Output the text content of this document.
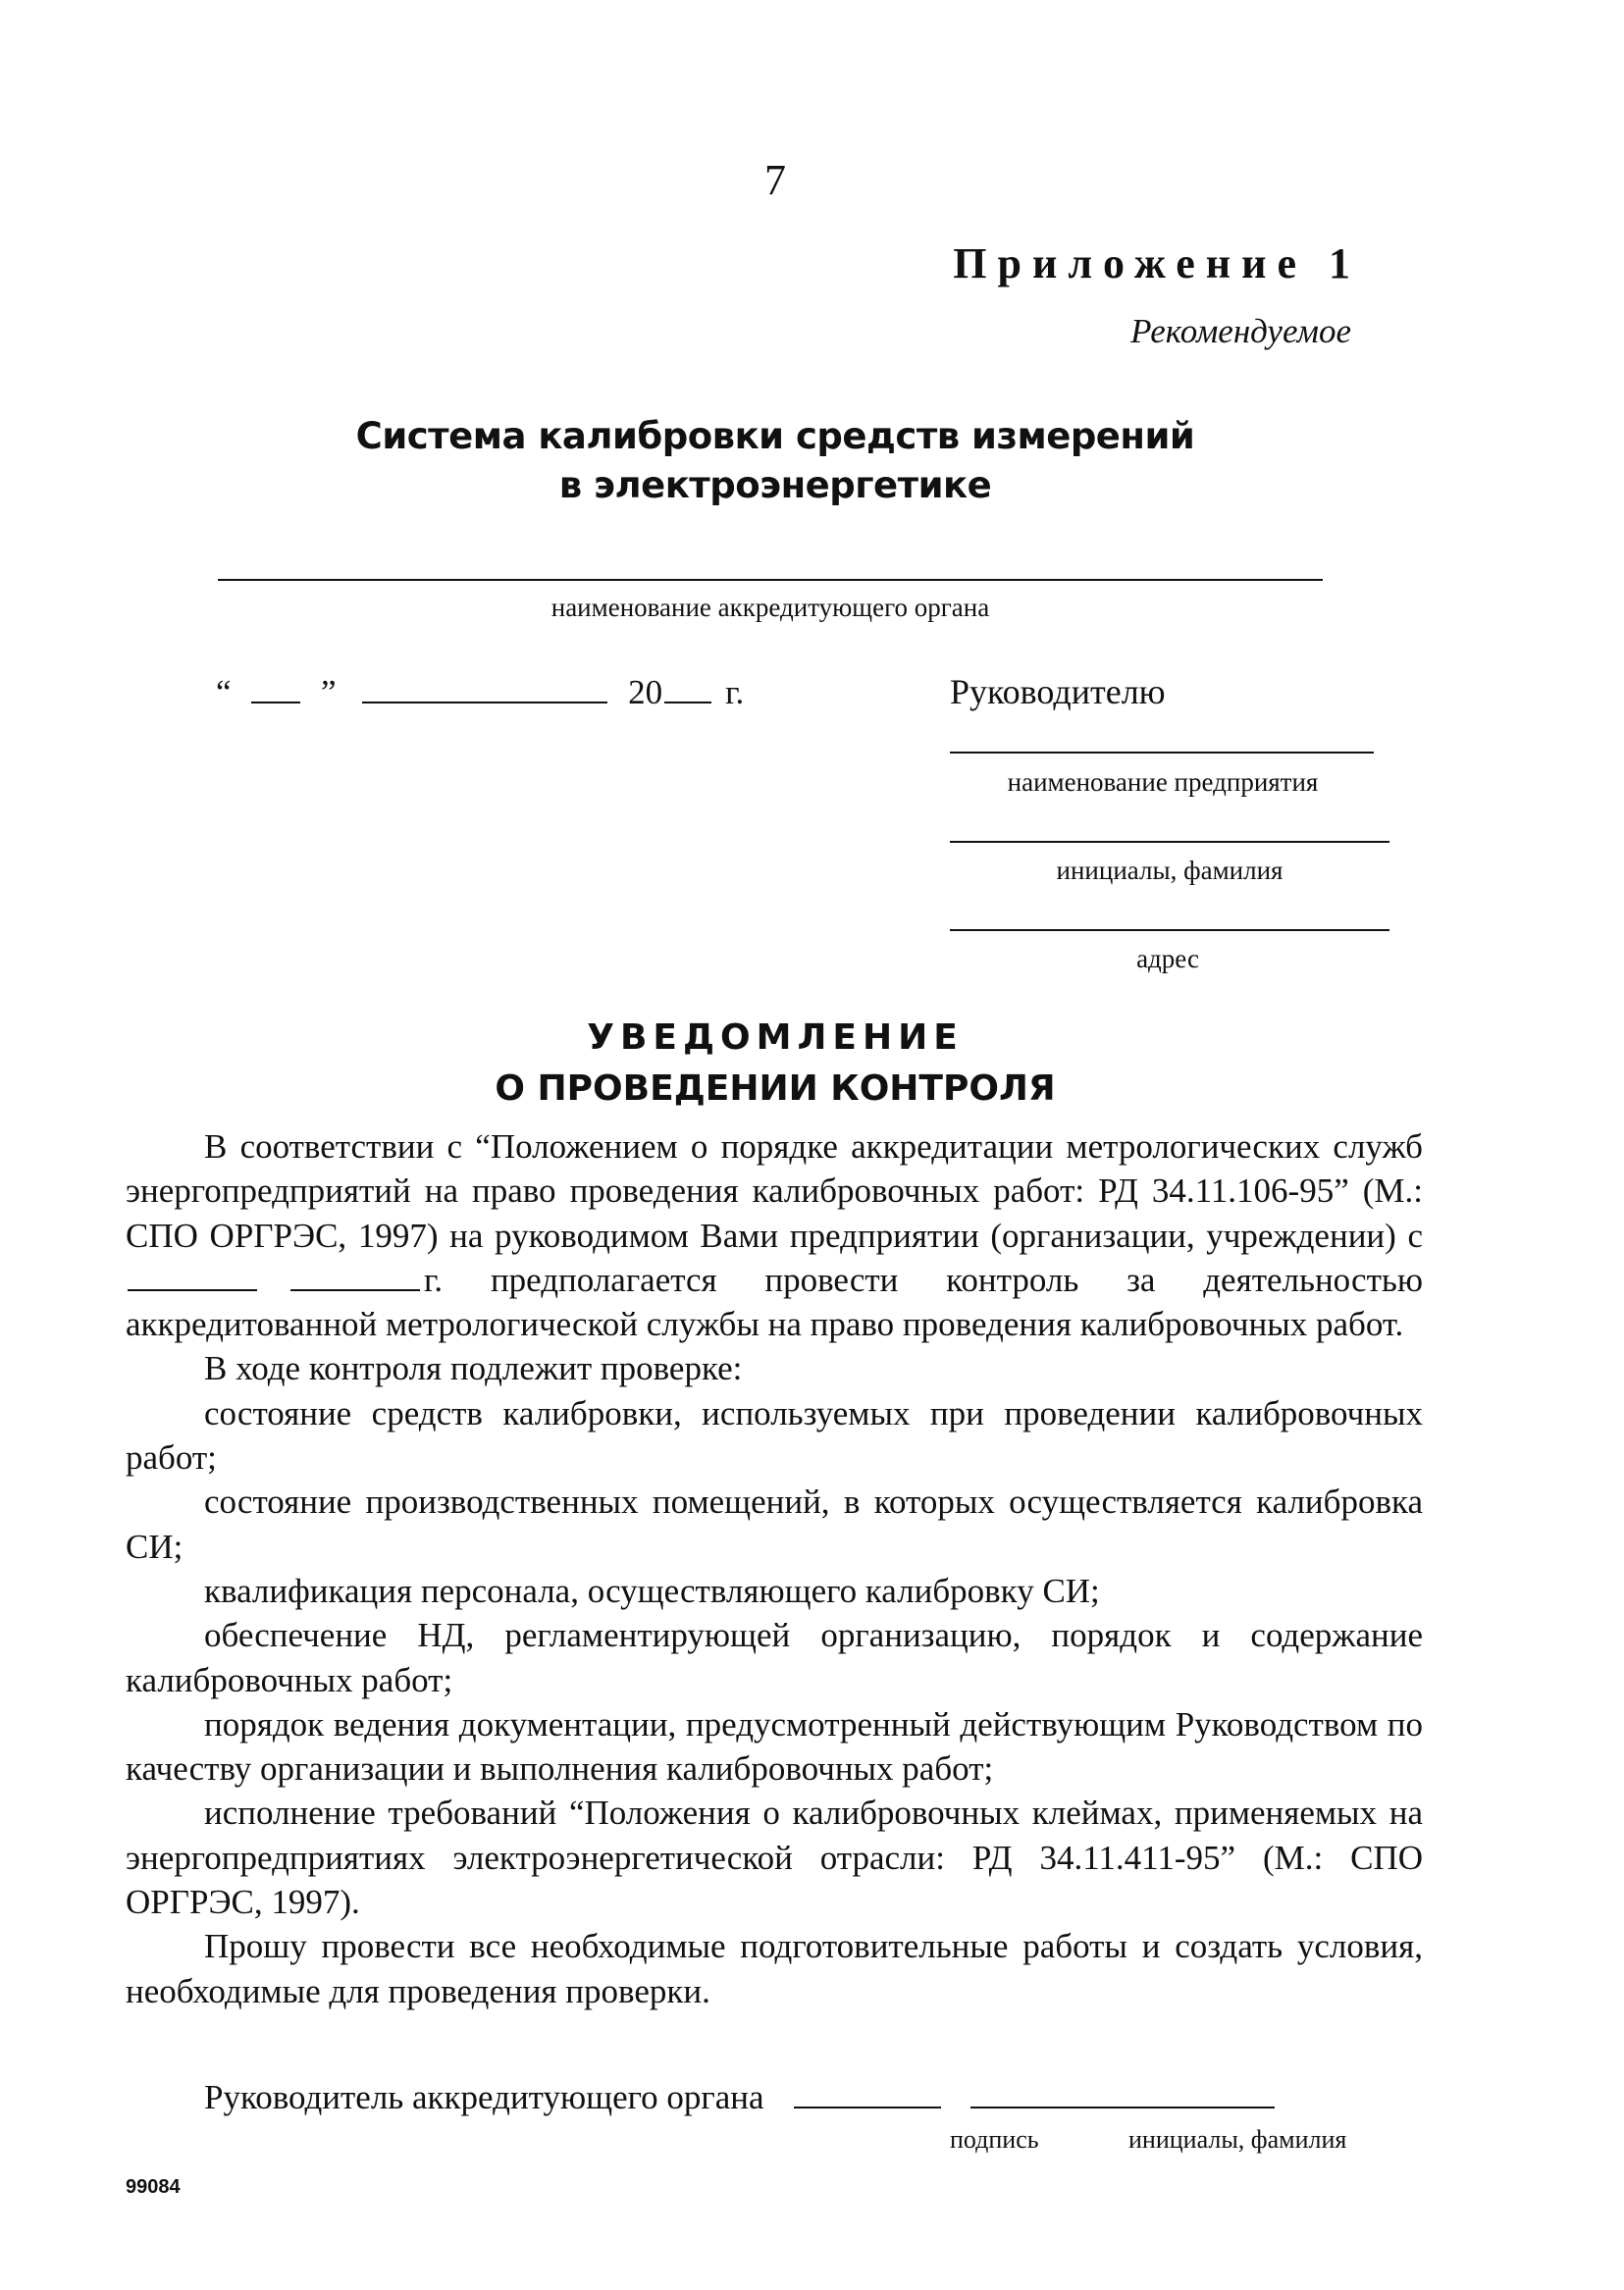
7
Приложение 1
Рекомендуемое
Система калибровки средств измерений
в электроэнергетике
наименование аккредитующего органа
“	”	20 г.	Руководителю
наименование предприятия
инициалы, фамилия
адрес
УВЕДОМЛЕНИЕ
О ПРОВЕДЕНИИ КОНТРОЛЯ

В соответствии с “Положением о порядке аккредитации метрологических служб энергопредприятий на право проведения калибровочных работ: РД 34.11.106-95” (М.: СПО ОРГРЭС, 1997) на руководимом Вами предприятии (организации, учреждении) сг. предполагается провести контроль за деятельностью аккредитованной метрологической службы на право проведения калибровочных работ.

В ходе контроля подлежит проверке:

состояние средств калибровки, используемых при проведении калибровочных работ;

состояние производственных помещений, в которых осуществляется калибровка СИ;

квалификация персонала, осуществляющего калибровку СИ;

обеспечение НД, регламентирующей организацию, порядок и содержание калибровочных работ;

порядок ведения документации, предусмотренный действующим Руководством по качеству организации и выполнения калибровочных работ;

исполнение требований “Положения о калибровочных клеймах, применяемых на энергопредприятиях электроэнергетической отрасли: РД 34.11.411-95” (М.: СПО ОРГРЭС, 1997).

Прошу провести все необходимые подготовительные работы и создать условия, необходимые для проведения проверки.

Руководитель аккредитующего органа
подпись	инициалы, фамилия
99084
